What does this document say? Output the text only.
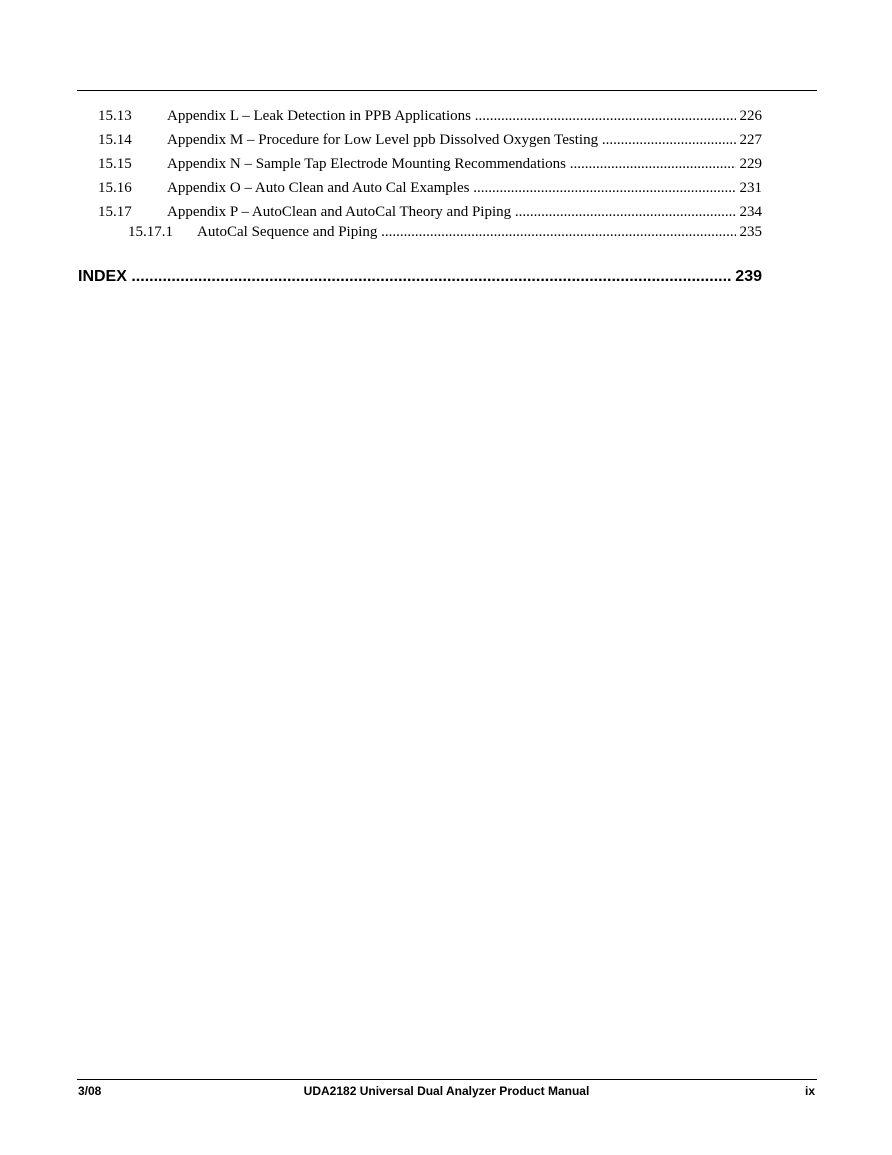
15.13 Appendix L – Leak Detection in PPB Applications .....	226
15.14 Appendix M – Procedure for Low Level ppb Dissolved Oxygen Testing .....	227
15.15 Appendix N – Sample Tap Electrode Mounting Recommendations .....	229
15.16 Appendix O – Auto Clean and Auto Cal Examples .....	231
15.17 Appendix P – AutoClean and AutoCal Theory and Piping .....	234
15.17.1 AutoCal Sequence and Piping .....	235
INDEX .....	239
3/08	UDA2182 Universal Dual Analyzer Product Manual	ix
